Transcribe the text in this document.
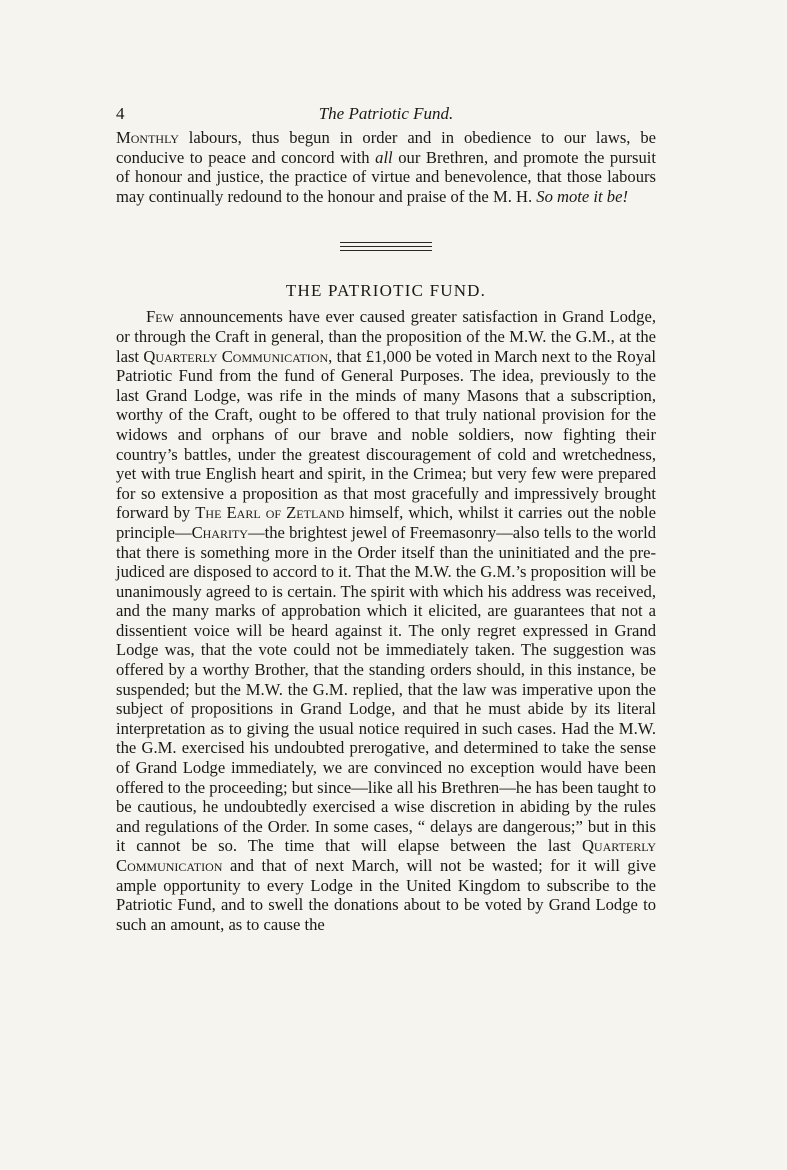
4	The Patriotic Fund.

Monthly labours, thus begun in order and in obedience to our laws, be conducive to peace and concord with all our Brethren, and promote the pursuit of honour and justice, the practice of virtue and benevolence, that those labours may continually redound to the honour and praise of the M. H. So mote it be!

THE PATRIOTIC FUND.

Few announcements have ever caused greater satisfaction in Grand Lodge, or through the Craft in general, than the proposition of the M.W. the G.M., at the last Quarterly Communication, that £1,000 be voted in March next to the Royal Patriotic Fund from the fund of General Purposes. The idea, previously to the last Grand Lodge, was rife in the minds of many Masons that a subscription, worthy of the Craft, ought to be offered to that truly national provision for the widows and orphans of our brave and noble soldiers, now fighting their country’s battles, under the greatest discouragement of cold and wretchedness, yet with true English heart and spirit, in the Crimea; but very few were prepared for so extensive a proposition as that most gracefully and impressively brought forward by The Earl of Zetland himself, which, whilst it carries out the noble principle—Charity—the brightest jewel of Freemasonry—also tells to the world that there is something more in the Order itself than the uninitiated and the prejudiced are disposed to accord to it. That the M.W. the G.M.’s proposition will be unanimously agreed to is certain. The spirit with which his address was received, and the many marks of approbation which it elicited, are guarantees that not a dissentient voice will be heard against it. The only regret expressed in Grand Lodge was, that the vote could not be immediately taken. The suggestion was offered by a worthy Brother, that the standing orders should, in this instance, be suspended; but the M.W. the G.M. replied, that the law was imperative upon the subject of propositions in Grand Lodge, and that he must abide by its literal interpretation as to giving the usual notice required in such cases. Had the M.W. the G.M. exercised his undoubted prerogative, and determined to take the sense of Grand Lodge immediately, we are convinced no exception would have been offered to the proceeding; but since—like all his Brethren—he has been taught to be cautious, he undoubtedly exercised a wise discretion in abiding by the rules and regulations of the Order. In some cases, “ delays are dangerous;” but in this it cannot be so. The time that will elapse between the last Quarterly Communication and that of next March, will not be wasted; for it will give ample opportunity to every Lodge in the United Kingdom to subscribe to the Patriotic Fund, and to swell the donations about to be voted by Grand Lodge to such an amount, as to cause the
